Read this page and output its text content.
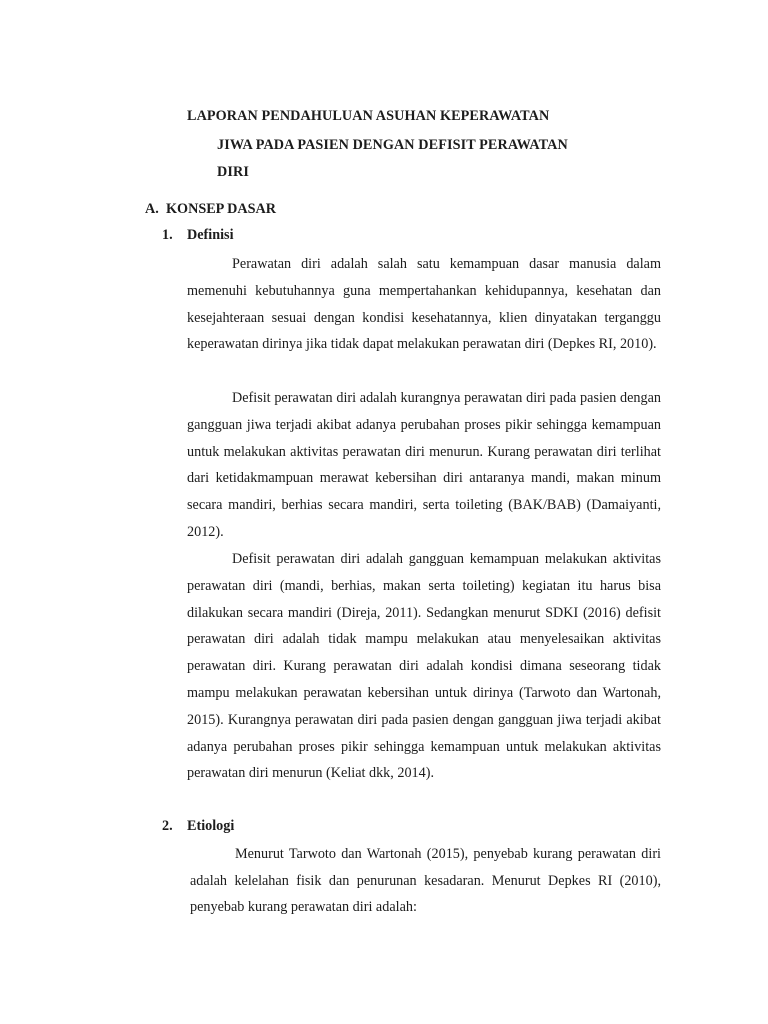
LAPORAN PENDAHULUAN ASUHAN KEPERAWATAN
JIWA PADA PASIEN DENGAN DEFISIT PERAWATAN
DIRI
A. KONSEP DASAR
1. Definisi

Perawatan diri adalah salah satu kemampuan dasar manusia dalam memenuhi kebutuhannya guna mempertahankan kehidupannya, kesehatan dan kesejahteraan sesuai dengan kondisi kesehatannya, klien dinyatakan terganggu keperawatan dirinya jika tidak dapat melakukan perawatan diri (Depkes RI, 2010).

Defisit perawatan diri adalah kurangnya perawatan diri pada pasien dengan gangguan jiwa terjadi akibat adanya perubahan proses pikir sehingga kemampuan untuk melakukan aktivitas perawatan diri menurun. Kurang perawatan diri terlihat dari ketidakmampuan merawat kebersihan diri antaranya mandi, makan minum secara mandiri, berhias secara mandiri, serta toileting (BAK/BAB) (Damaiyanti, 2012).

Defisit perawatan diri adalah gangguan kemampuan melakukan aktivitas perawatan diri (mandi, berhias, makan serta toileting) kegiatan itu harus bisa dilakukan secara mandiri (Direja, 2011). Sedangkan menurut SDKI (2016) defisit perawatan diri adalah tidak mampu melakukan atau menyelesaikan aktivitas perawatan diri. Kurang perawatan diri adalah kondisi dimana seseorang tidak mampu melakukan perawatan kebersihan untuk dirinya (Tarwoto dan Wartonah, 2015). Kurangnya perawatan diri pada pasien dengan gangguan jiwa terjadi akibat adanya perubahan proses pikir sehingga kemampuan untuk melakukan aktivitas perawatan diri menurun (Keliat dkk, 2014).

2. Etiologi

Menurut Tarwoto dan Wartonah (2015), penyebab kurang perawatan diri adalah kelelahan fisik dan penurunan kesadaran. Menurut Depkes RI (2010), penyebab kurang perawatan diri adalah:
